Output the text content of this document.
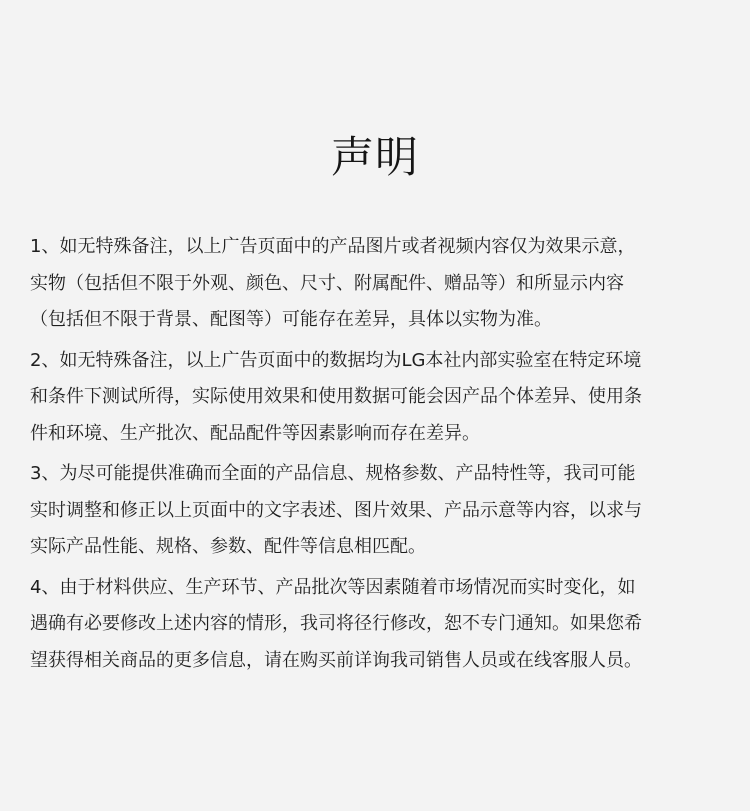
声明

1、如无特殊备注，以上广告页面中的产品图片或者视频内容仅为效果示意，
实物（包括但不限于外观、颜色、尺寸、附属配件、赠品等）和所显示内容
（包括但不限于背景、配图等）可能存在差异，具体以实物为准。

2、如无特殊备注，以上广告页面中的数据均为LG本社内部实验室在特定环境
和条件下测试所得，实际使用效果和使用数据可能会因产品个体差异、使用条
件和环境、生产批次、配品配件等因素影响而存在差异。

3、为尽可能提供准确而全面的产品信息、规格参数、产品特性等，我司可能
实时调整和修正以上页面中的文字表述、图片效果、产品示意等内容，以求与
实际产品性能、规格、参数、配件等信息相匹配。

4、由于材料供应、生产环节、产品批次等因素随着市场情况而实时变化，如
遇确有必要修改上述内容的情形，我司将径行修改，恕不专门通知。如果您希
望获得相关商品的更多信息，请在购买前详询我司销售人员或在线客服人员。
